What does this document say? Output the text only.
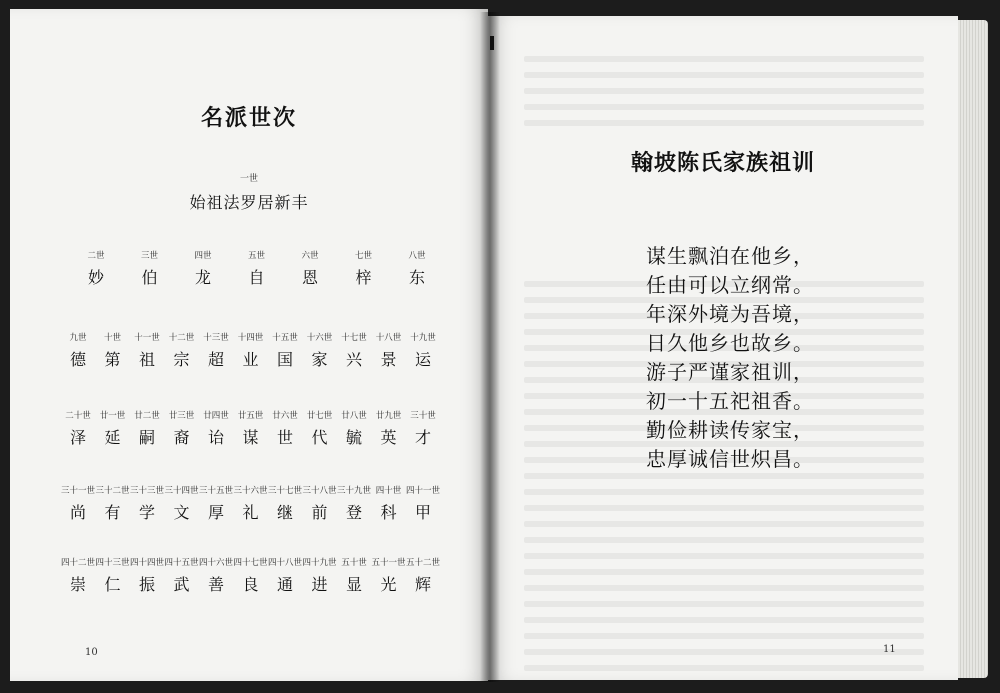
名派世次
一世
始祖法罗居新丰
二世
妙
三世
伯
四世
龙
五世
自
六世
恩
七世
梓
八世
东
九世
德
十世
第
十一世
祖
十二世
宗
十三世
超
十四世
业
十五世
国
十六世
家
十七世
兴
十八世
景
十九世
运
二十世
泽
廿一世
延
廿二世
嗣
廿三世
裔
廿四世
诒
廿五世
谋
廿六世
世
廿七世
代
廿八世
毓
廿九世
英
三十世
才
三十一世
尚
三十二世
有
三十三世
学
三十四世
文
三十五世
厚
三十六世
礼
三十七世
继
三十八世
前
三十九世
登
四十世
科
四十一世
甲
四十二世
崇
四十三世
仁
四十四世
振
四十五世
武
四十六世
善
四十七世
良
四十八世
通
四十九世
进
五十世
显
五十一世
光
五十二世
辉
10
翰坡陈氏家族祖训
谋生飘泊在他乡，
任由可以立纲常。
年深外境为吾境，
日久他乡也故乡。
游子严谨家祖训，
初一十五祀祖香。
勤俭耕读传家宝，
忠厚诚信世炽昌。
11
